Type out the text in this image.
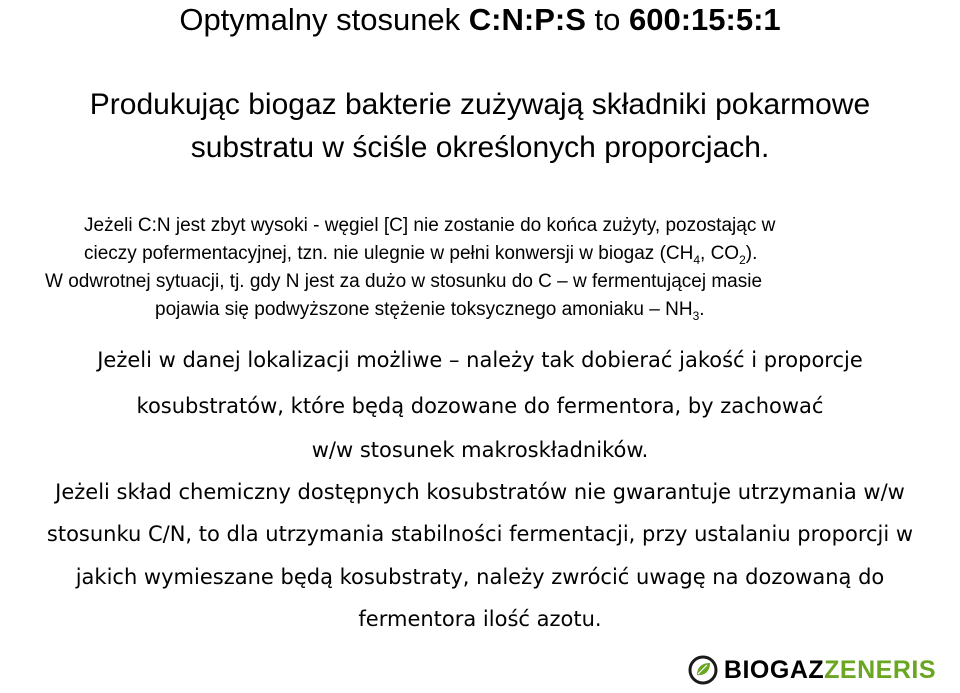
Optymalny stosunek C:N:P:S to 600:15:5:1
Produkując biogaz bakterie zużywają składniki pokarmowe
substratu w ściśle określonych proporcjach.
Jeżeli C:N jest zbyt wysoki - węgiel [C] nie zostanie do końca zużyty, pozostając w
cieczy pofermentacyjnej, tzn. nie ulegnie w pełni konwersji w biogaz ($CH_4$, $CO_2$).
W odwrotnej sytuacji, tj. gdy N jest za dużo w stosunku do C – w fermentującej masie
pojawia się podwyższone stężenie toksycznego amoniaku – $NH_3$.
Jeżeli w danej lokalizacji możliwe – należy tak dobierać jakość i proporcje
kosubstratów, które będą dozowane do fermentora, by zachować
w/w stosunek makroskładników.
Jeżeli skład chemiczny dostępnych kosubstratów nie gwarantuje utrzymania w/w
stosunku C/N, to dla utrzymania stabilności fermentacji, przy ustalaniu proporcji w
jakich wymieszane będą kosubstraty, należy zwrócić uwagę na dozowaną do
fermentora ilość azotu.
BIOGAZ ZENERIS
